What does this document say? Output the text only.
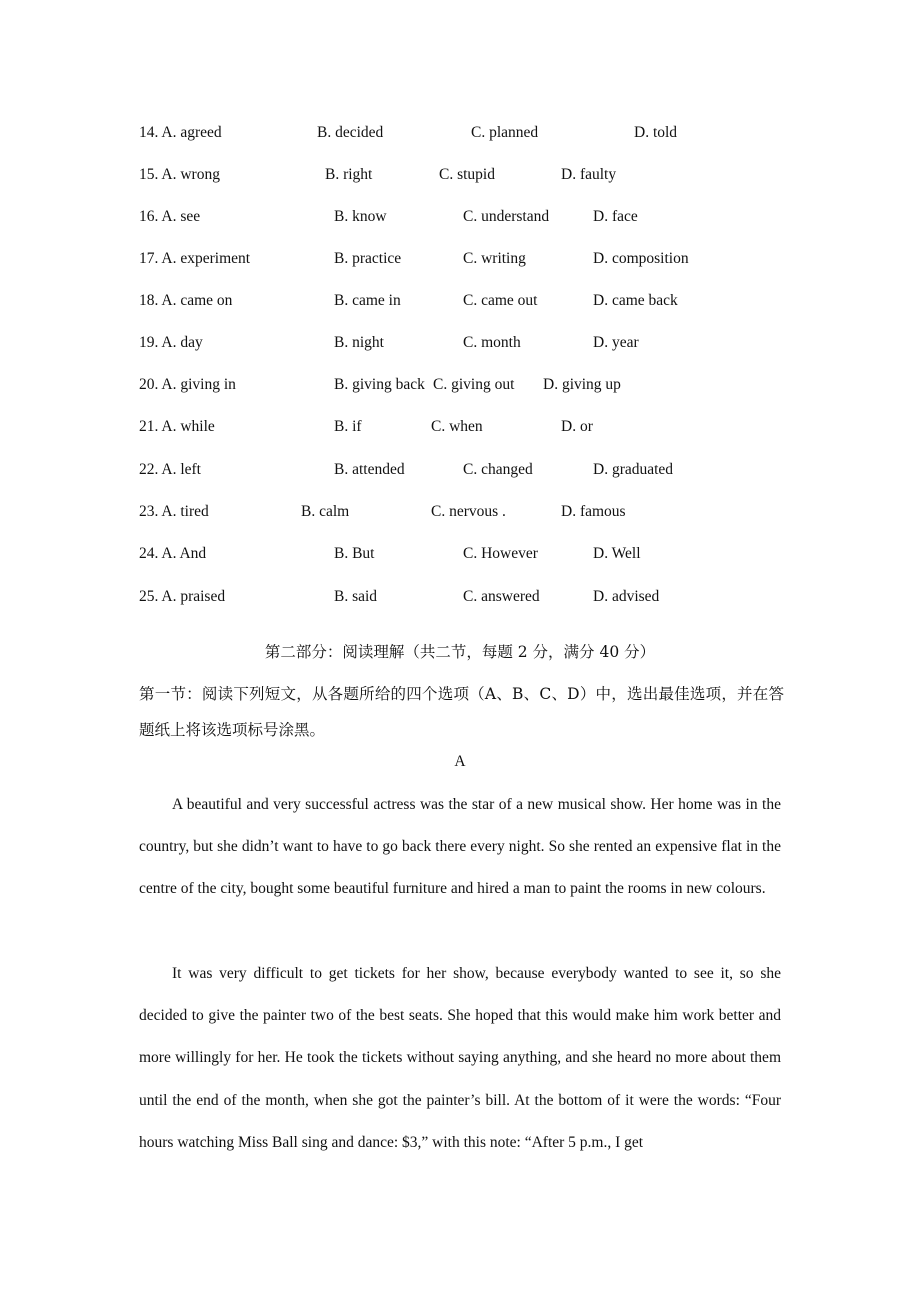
14. A. agreed	B. decided	C. planned	D. told
15. A. wrong	B. right	C. stupid	D. faulty
16. A. see	B. know	C. understand	D. face
17. A. experiment	B. practice	C. writing	D. composition
18. A. came on	B. came in	C. came out	D. came back
19. A. day	B. night	C. month	D. year
20. A. giving in	B. giving back C. giving out D. giving up
21. A. while	B. if	C. when	D. or
22. A. left	B. attended	C. changed	D. graduated
23. A. tired	B. calm	C. nervous .	D. famous
24. A. And	B. But	C. However	D. Well
25. A. praised	B. said	C. answered	D. advised
第二部分：阅读理解（共二节，每题 2 分，满分 40 分）
第一节：阅读下列短文，从各题所给的四个选项（A、B、C、D）中，选出最佳选项，并在答题纸上将该选项标号涂黑。
A
A beautiful and very successful actress was the star of a new musical show. Her home was in the country, but she didn’t want to have to go back there every night. So she rented an expensive flat in the centre of the city, bought some beautiful furniture and hired a man to paint the rooms in new colours.
It was very difficult to get tickets for her show, because everybody wanted to see it, so she decided to give the painter two of the best seats. She hoped that this would make him work better and more willingly for her. He took the tickets without saying anything, and she heard no more about them until the end of the month, when she got the painter’s bill. At the bottom of it were the words: “Four hours watching Miss Ball sing and dance: $3,” with this note: “After 5 p.m., I get
